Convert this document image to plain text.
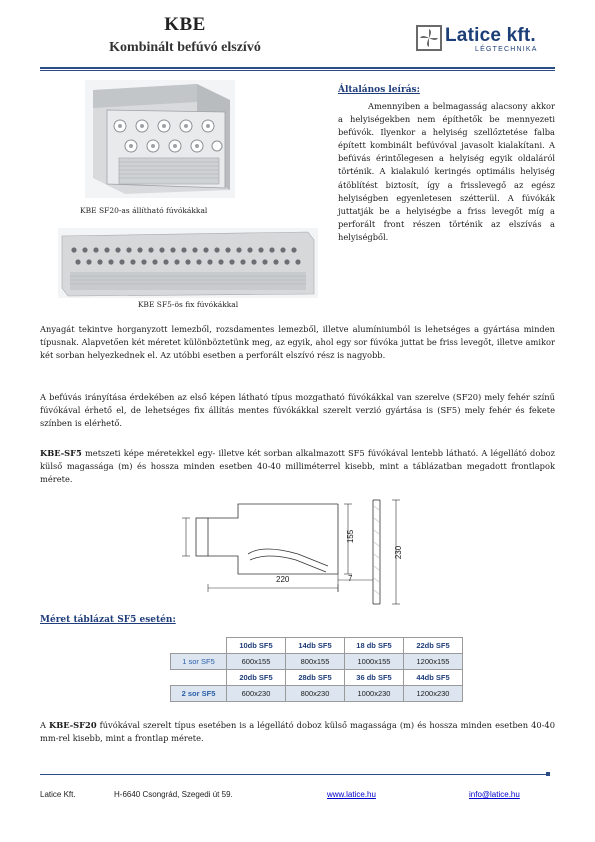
KBE
Kombinált befúvó elszívó
Latice kft.
LÉGTECHNIKA
KBE SF20-as állítható fúvókákkal
KBE SF5-ös fix fúvókákkal
Általános leírás:

Amennyiben a belmagasság alacsony akkor a helyiségekben nem építhetők be mennyezeti befúvók. Ilyenkor a helyiség szellőztetése falba épített kombinált befúvóval javasolt kialakítani. A befúvás érintőlegesen a helyiség egyik oldaláról történik. A kialakuló keringés optimális helyiség átöblítést biztosít, így a frisslevegő az egész helyiségben egyenletesen szétterül. A fúvókák juttatják be a helyiségbe a friss levegőt míg a perforált front részen történik az elszívás a helyiségből.

Anyagát tekintve horganyzott lemezből, rozsdamentes lemezből, illetve alumíniumból is lehetséges a gyártása minden típusnak. Alapvetően két méretet különböztetünk meg, az egyik, ahol egy sor fúvóka juttat be friss levegőt, illetve amikor két sorban helyezkednek el. Az utóbbi esetben a perforált elszívó rész is nagyobb.

A befúvás irányítása érdekében az első képen látható típus mozgatható fúvókákkal van szerelve (SF20) mely fehér színű fúvókával érhető el, de lehetséges fix állítás mentes fúvókákkal szerelt verzió gyártása is (SF5) mely fehér és fekete színben is elérhető.

KBE-SF5 metszeti képe méretekkel egy- illetve két sorban alkalmazott SF5 fúvókával lentebb látható. A légellátó doboz külső magassága (m) és hossza minden esetben 40-40 milliméterrel kisebb, mint a táblázatban megadott frontlapok mérete.

155
230
220	7
Méret táblázat SF5 esetén:
	10db SF5	14db SF5	18 db SF5	22db SF5
1 sor SF5	600x155	800x155	1000x155	1200x155
	20db SF5	28db SF5	36 db SF5	44db SF5
2 sor SF5	600x230	800x230	1000x230	1200x230

A KBE-SF20 fúvókával szerelt típus esetében is a légellátó doboz külső magassága (m) és hossza minden esetben 40-40 mm-rel kisebb, mint a frontlap mérete.

Latice Kft.	H-6640 Csongrád, Szegedi út 59.	www.latice.hu	info@latice.hu
